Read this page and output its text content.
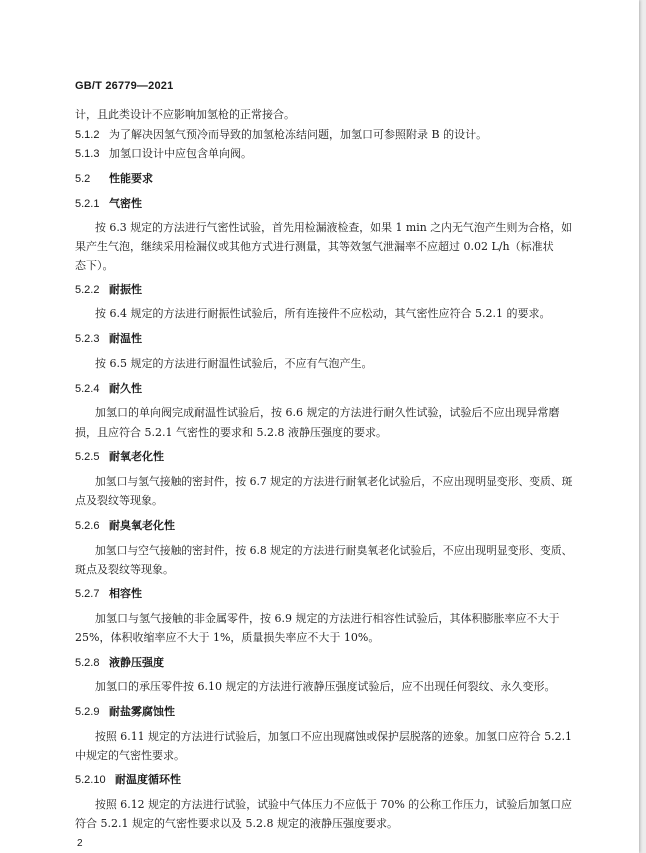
GB/T 26779—2021
计，且此类设计不应影响加氢枪的正常接合。
5.1.2 为了解决因氢气预冷而导致的加氢枪冻结问题，加氢口可参照附录 B 的设计。
5.1.3 加氢口设计中应包含单向阀。
5.2 性能要求
5.2.1 气密性
按 6.3 规定的方法进行气密性试验，首先用检漏液检查，如果 1 min 之内无气泡产生则为合格，如
果产生气泡，继续采用检漏仪或其他方式进行测量，其等效氢气泄漏率不应超过 0.02 L/h（标准状
态下）。
5.2.2 耐振性
按 6.4 规定的方法进行耐振性试验后，所有连接件不应松动，其气密性应符合 5.2.1 的要求。
5.2.3 耐温性
按 6.5 规定的方法进行耐温性试验后，不应有气泡产生。
5.2.4 耐久性
加氢口的单向阀完成耐温性试验后，按 6.6 规定的方法进行耐久性试验，试验后不应出现异常磨
损，且应符合 5.2.1 气密性的要求和 5.2.8 液静压强度的要求。
5.2.5 耐氧老化性
加氢口与氢气接触的密封件，按 6.7 规定的方法进行耐氧老化试验后，不应出现明显变形、变质、斑
点及裂纹等现象。
5.2.6 耐臭氧老化性
加氢口与空气接触的密封件，按 6.8 规定的方法进行耐臭氧老化试验后，不应出现明显变形、变质、
斑点及裂纹等现象。
5.2.7 相容性
加氢口与氢气接触的非金属零件，按 6.9 规定的方法进行相容性试验后，其体积膨胀率应不大于
25%，体积收缩率应不大于 1%，质量损失率应不大于 10%。
5.2.8 液静压强度
加氢口的承压零件按 6.10 规定的方法进行液静压强度试验后，应不出现任何裂纹、永久变形。
5.2.9 耐盐雾腐蚀性
按照 6.11 规定的方法进行试验后，加氢口不应出现腐蚀或保护层脱落的迹象。加氢口应符合 5.2.1
中规定的气密性要求。
5.2.10 耐温度循环性
按照 6.12 规定的方法进行试验，试验中气体压力不应低于 70% 的公称工作压力，试验后加氢口应
符合 5.2.1 规定的气密性要求以及 5.2.8 规定的液静压强度要求。
2
